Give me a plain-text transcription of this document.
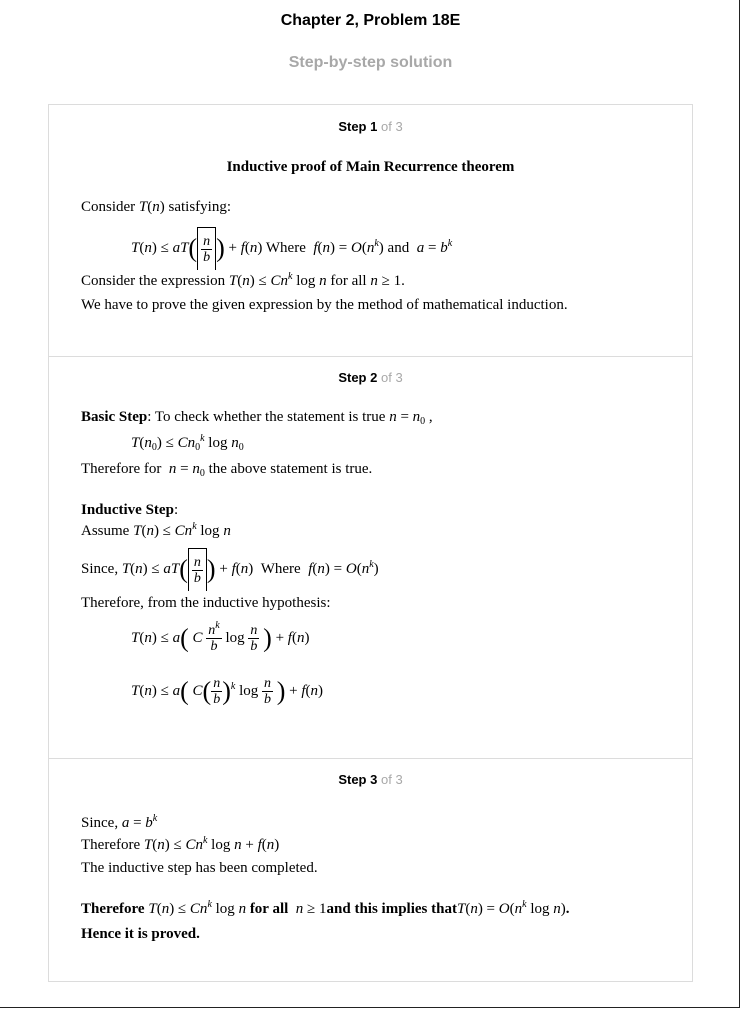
Chapter 2, Problem 18E
Step-by-step solution
Step 1 of 3
Inductive proof of Main Recurrence theorem
Consider T(n) satisfying:
$T(n) \le aT( \frac{n}{b}$ ) + f(n) Where $f(n) = O(n^k)$ and $a = b^k$
Consider the expression $T(n) \le Cn^k$ log n for all n ≥ 1.
We have to prove the given expression by the method of mathematical induction.
Step 2 of 3
Basic Step: To check whether the statement is true $n = n_0$ ,
$T(n_0) \le Cn_0^k$ $\log n_0$
Therefore for $n = n_0$ the above statement is true.
Inductive Step:
Assume $T(n) \le Cn^k$ log n
Since, $T(n) \le aT( \frac{n}{b}$ ) + f(n)  Where $f(n) = O(n^k)$
Therefore, from the inductive hypothesis:
T(n) ≤ a( C $\frac{n^k}{b}$ $\log \frac{n}{b}$ ) + f(n)
T(n) ≤ a( $C( \frac{n}{b} )^k$ $\log \frac{n}{b}$ ) + f(n)
Step 3 of 3
Since, $a = b^k$
Therefore $T(n) \le Cn^k$ log n + f(n)
The inductive step has been completed.
Therefore $T(n) \le Cn^k$ log n for all n ≥ 1and this implies thatT(n) = $O(n^k$ log n).
Hence it is proved.
